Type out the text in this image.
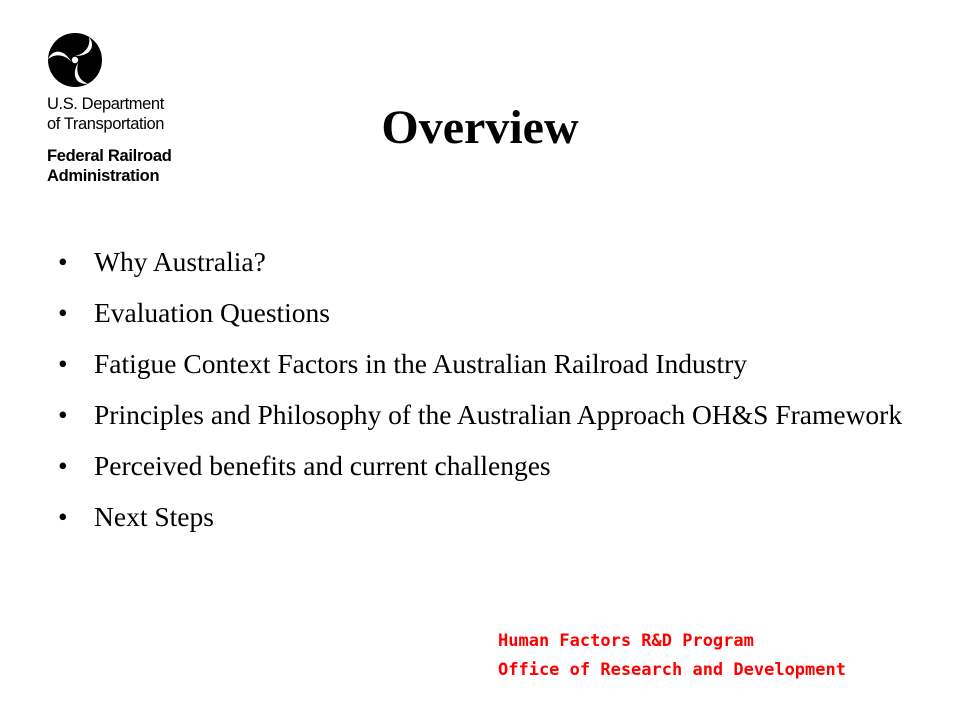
U.S. Department
of Transportation
Federal Railroad
Administration
Overview
• Why Australia?
• Evaluation Questions
• Fatigue Context Factors in the Australian Railroad Industry
• Principles and Philosophy of the Australian Approach OH&S Framework
• Perceived benefits and current challenges
• Next Steps
Human Factors R&D Program
Office of Research and Development
